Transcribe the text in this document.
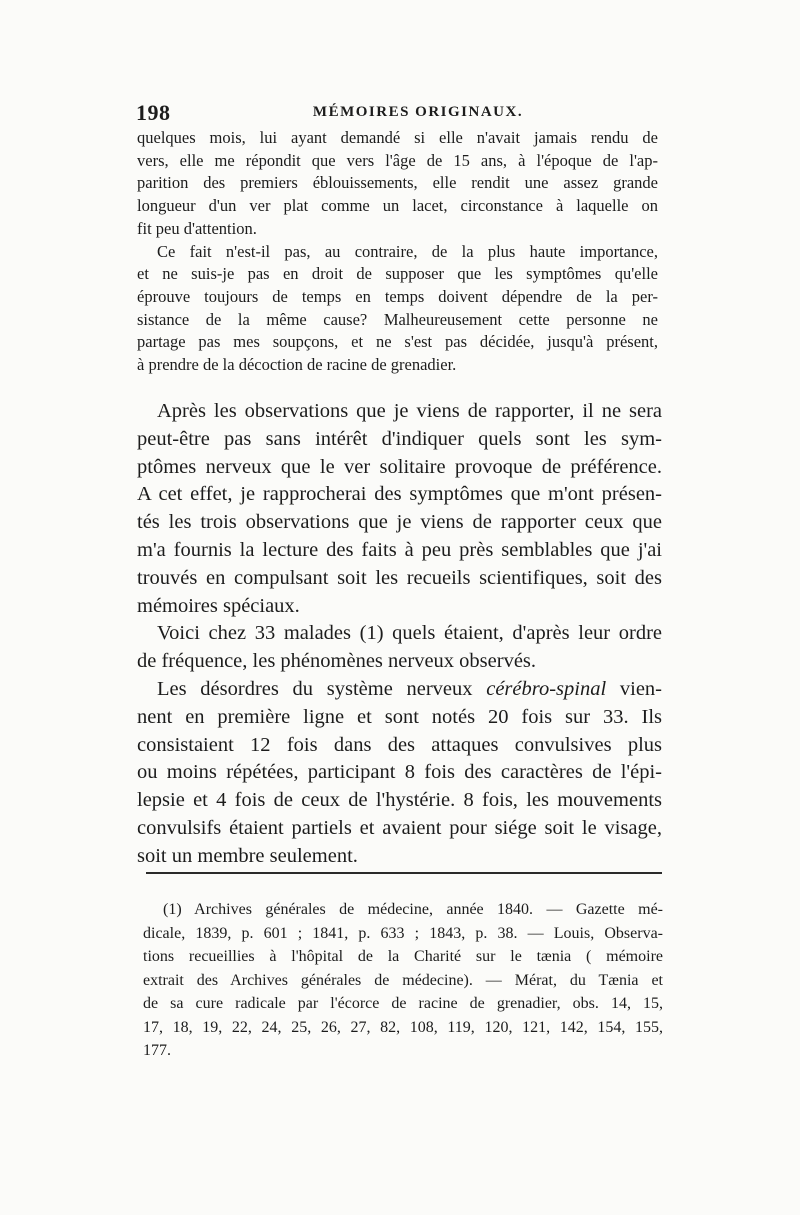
198	MÉMOIRES ORIGINAUX.
quelques mois, lui ayant demandé si elle n'avait jamais rendu de
vers, elle me répondit que vers l'âge de 15 ans, à l'époque de l'ap-
parition des premiers éblouissements, elle rendit une assez grande
longueur d'un ver plat comme un lacet, circonstance à laquelle on
fit peu d'attention.
Ce fait n'est-il pas, au contraire, de la plus haute importance,
et ne suis-je pas en droit de supposer que les symptômes qu'elle
éprouve toujours de temps en temps doivent dépendre de la per-
sistance de la même cause? Malheureusement cette personne ne
partage pas mes soupçons, et ne s'est pas décidée, jusqu'à présent,
à prendre de la décoction de racine de grenadier.
Après les observations que je viens de rapporter, il ne sera
peut-être pas sans intérêt d'indiquer quels sont les sym-
ptômes nerveux que le ver solitaire provoque de préférence.
A cet effet, je rapprocherai des symptômes que m'ont présen-
tés les trois observations que je viens de rapporter ceux que
m'a fournis la lecture des faits à peu près semblables que j'ai
trouvés en compulsant soit les recueils scientifiques, soit des
mémoires spéciaux.
Voici chez 33 malades (1) quels étaient, d'après leur ordre
de fréquence, les phénomènes nerveux observés.
Les désordres du système nerveux cérébro-spinal vien-
nent en première ligne et sont notés 20 fois sur 33. Ils
consistaient 12 fois dans des attaques convulsives plus
ou moins répétées, participant 8 fois des caractères de l'épi-
lepsie et 4 fois de ceux de l'hystérie. 8 fois, les mouvements
convulsifs étaient partiels et avaient pour siége soit le visage,
soit un membre seulement.
(1) Archives générales de médecine, année 1840. — Gazette mé-
dicale, 1839, p. 601 ; 1841, p. 633 ; 1843, p. 38. — Louis, Observa-
tions recueillies à l'hôpital de la Charité sur le tænia ( mémoire
extrait des Archives générales de médecine). — Mérat, du Tænia et
de sa cure radicale par l'écorce de racine de grenadier, obs. 14, 15,
17, 18, 19, 22, 24, 25, 26, 27, 82, 108, 119, 120, 121, 142, 154, 155,
177.
